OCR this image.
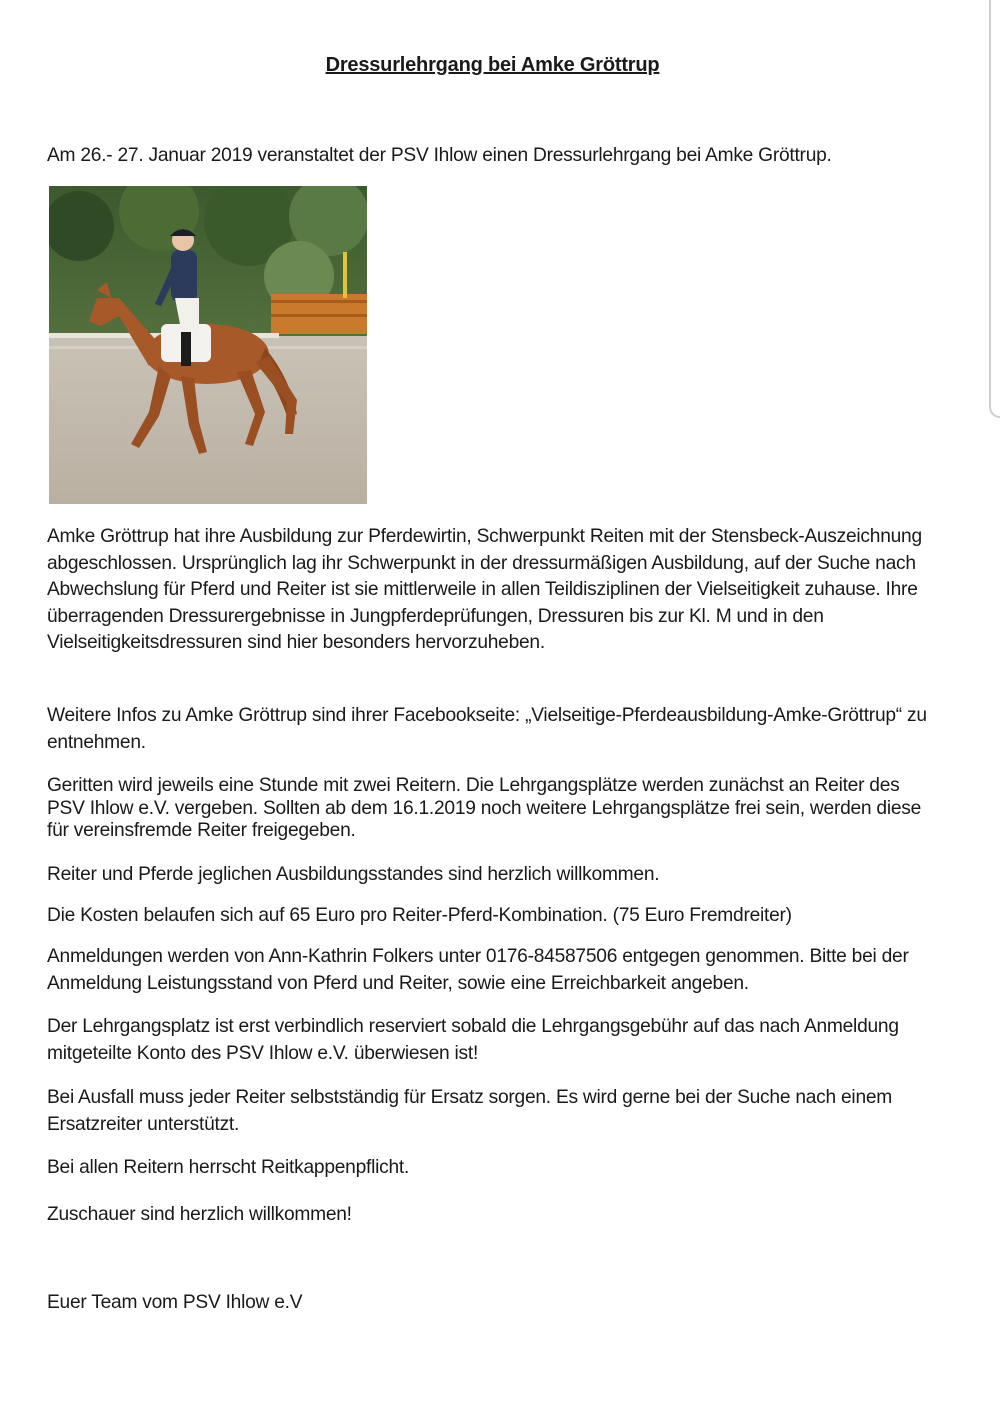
Dressurlehrgang bei Amke Gröttrup

Am 26.- 27. Januar 2019 veranstaltet der PSV Ihlow einen Dressurlehrgang bei Amke Gröttrup.

Amke Gröttrup hat ihre Ausbildung zur Pferdewirtin, Schwerpunkt Reiten mit der Stensbeck-Auszeichnung abgeschlossen. Ursprünglich lag ihr Schwerpunkt in der dressurmäßigen Ausbildung, auf der Suche nach Abwechslung für Pferd und Reiter ist sie mittlerweile in allen Teildisziplinen der Vielseitigkeit zuhause. Ihre überragenden Dressurergebnisse in Jungpferdeprüfungen, Dressuren bis zur Kl. M und in den Vielseitigkeitsdressuren sind hier besonders hervorzuheben.

Weitere Infos zu Amke Gröttrup sind ihrer Facebookseite: „Vielseitige-Pferdeausbildung-Amke-Gröttrup“ zu entnehmen.

Geritten wird jeweils eine Stunde mit zwei Reitern. Die Lehrgangsplätze werden zunächst an Reiter des PSV Ihlow e.V. vergeben. Sollten ab dem 16.1.2019 noch weitere Lehrgangsplätze frei sein, werden diese für vereinsfremde Reiter freigegeben.

Reiter und Pferde jeglichen Ausbildungsstandes sind herzlich willkommen.

Die Kosten belaufen sich auf 65 Euro pro Reiter-Pferd-Kombination. (75 Euro Fremdreiter)

Anmeldungen werden von Ann-Kathrin Folkers unter 0176-84587506 entgegen genommen. Bitte bei der Anmeldung Leistungsstand von Pferd und Reiter, sowie eine Erreichbarkeit angeben.

Der Lehrgangsplatz ist erst verbindlich reserviert sobald die Lehrgangsgebühr auf das nach Anmeldung mitgeteilte Konto des PSV Ihlow e.V. überwiesen ist!

Bei Ausfall muss jeder Reiter selbstständig für Ersatz sorgen. Es wird gerne bei der Suche nach einem Ersatzreiter unterstützt.

Bei allen Reitern herrscht Reitkappenpflicht.

Zuschauer sind herzlich willkommen!

Euer Team vom PSV Ihlow e.V
